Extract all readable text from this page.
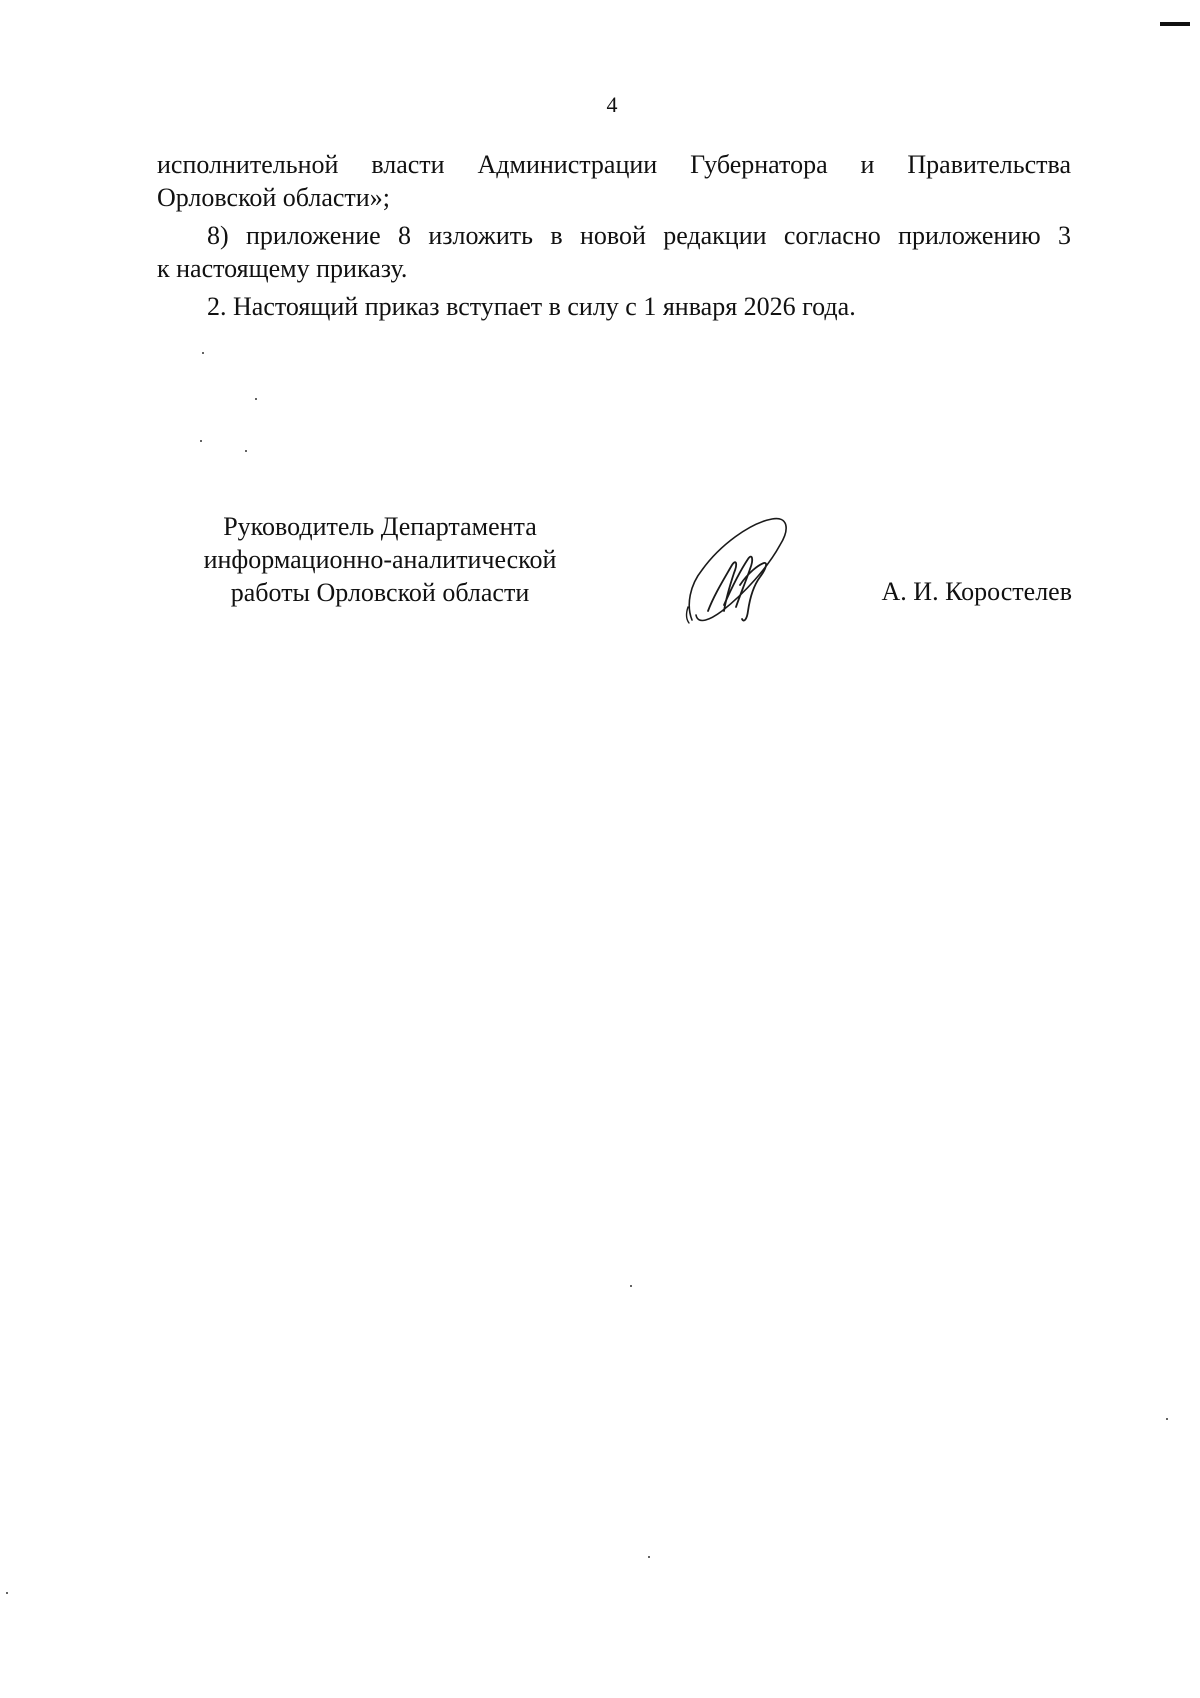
4

исполнительной власти Администрации Губернатора и Правительства
Орловской области»;

8) приложение 8 изложить в новой редакции согласно приложению 3
к настоящему приказу.

2. Настоящий приказ вступает в силу с 1 января 2026 года.

Руководитель Департамента
информационно-аналитической
работы Орловской области	А. И. Коростелев
